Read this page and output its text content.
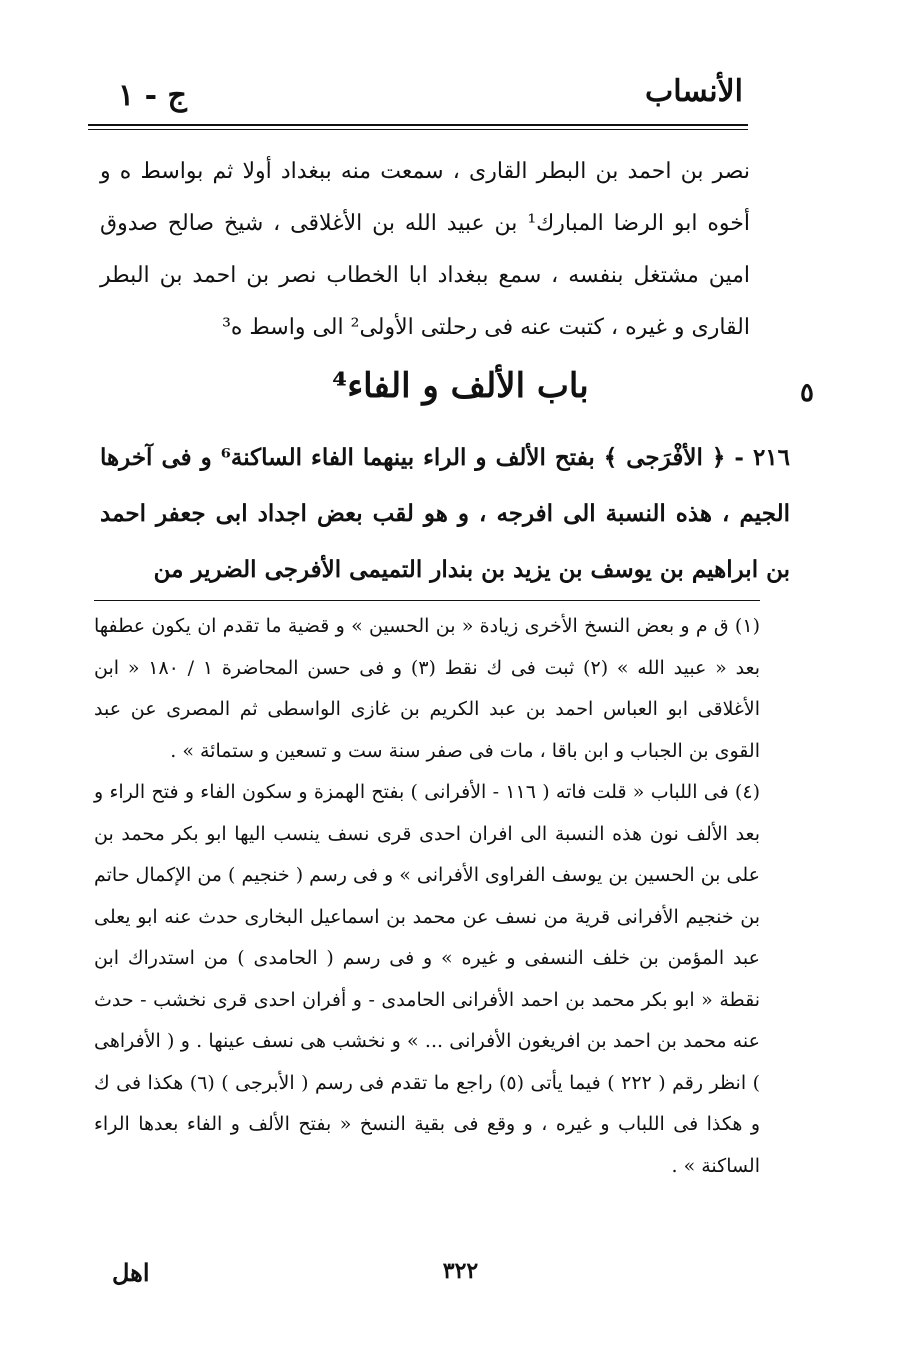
ج - ١	الأنساب
نصر بن احمد بن البطر القارى ، سمعت منه ببغداد أولا ثم بواسط ه و أخوه ابو الرضا المبارك¹ بن عبيد الله بن الأغلاقى ، شيخ صالح صدوق امين مشتغل بنفسه ، سمع ببغداد ابا الخطاب نصر بن احمد بن البطر القارى و غيره ، كتبت عنه فى رحلتى الأولى² الى واسط ه³
باب الألف و الفاء⁴	٥
٢١٦ - ﴿ الأفْرَجى ﴾ بفتح الألف و الراء بينهما الفاء الساكنة⁶ و فى آخرها الجيم ، هذه النسبة الى افرجه ، و هو لقب بعض اجداد ابى جعفر احمد بن ابراهيم بن يوسف بن يزيد بن بندار التميمى الأفرجى الضرير من

(١) ق م و بعض النسخ الأخرى زيادة « بن الحسين » و قضية ما تقدم ان يكون عطفها بعد « عبيد الله » (٢) ثبت فى ك نقط (٣) و فى حسن المحاضرة ١ / ١٨٠ « ابن الأغلاقى ابو العباس احمد بن عبد الكريم بن غازى الواسطى ثم المصرى عن عبد القوى بن الجباب و ابن باقا ، مات فى صفر سنة ست و تسعين و ستمائة » .

(٤) فى اللباب « قلت فاته ( ١١٦ - الأفرانى ) بفتح الهمزة و سكون الفاء و فتح الراء و بعد الألف نون هذه النسبة الى افران احدى قرى نسف ينسب اليها ابو بكر محمد بن على بن الحسين بن يوسف الفراوى الأفرانى » و فى رسم ( خنجيم ) من الإكمال حاتم بن خنجيم الأفرانى قرية من نسف عن محمد بن اسماعيل البخارى حدث عنه ابو يعلى عبد المؤمن بن خلف النسفى و غيره » و فى رسم ( الحامدى ) من استدراك ابن نقطة « ابو بكر محمد بن احمد الأفرانى الحامدى - و أفران احدى قرى نخشب - حدث عنه محمد بن احمد بن افريغون الأفرانى ... » و نخشب هى نسف عينها . و ( الأفراهى ) انظر رقم ( ٢٢٢ ) فيما يأتى (٥) راجع ما تقدم فى رسم ( الأبرجى ) (٦) هكذا فى ك و هكذا فى اللباب و غيره ، و وقع فى بقية النسخ « بفتح الألف و الفاء بعدها الراء الساكنة » .

اهل	٣٢٢
